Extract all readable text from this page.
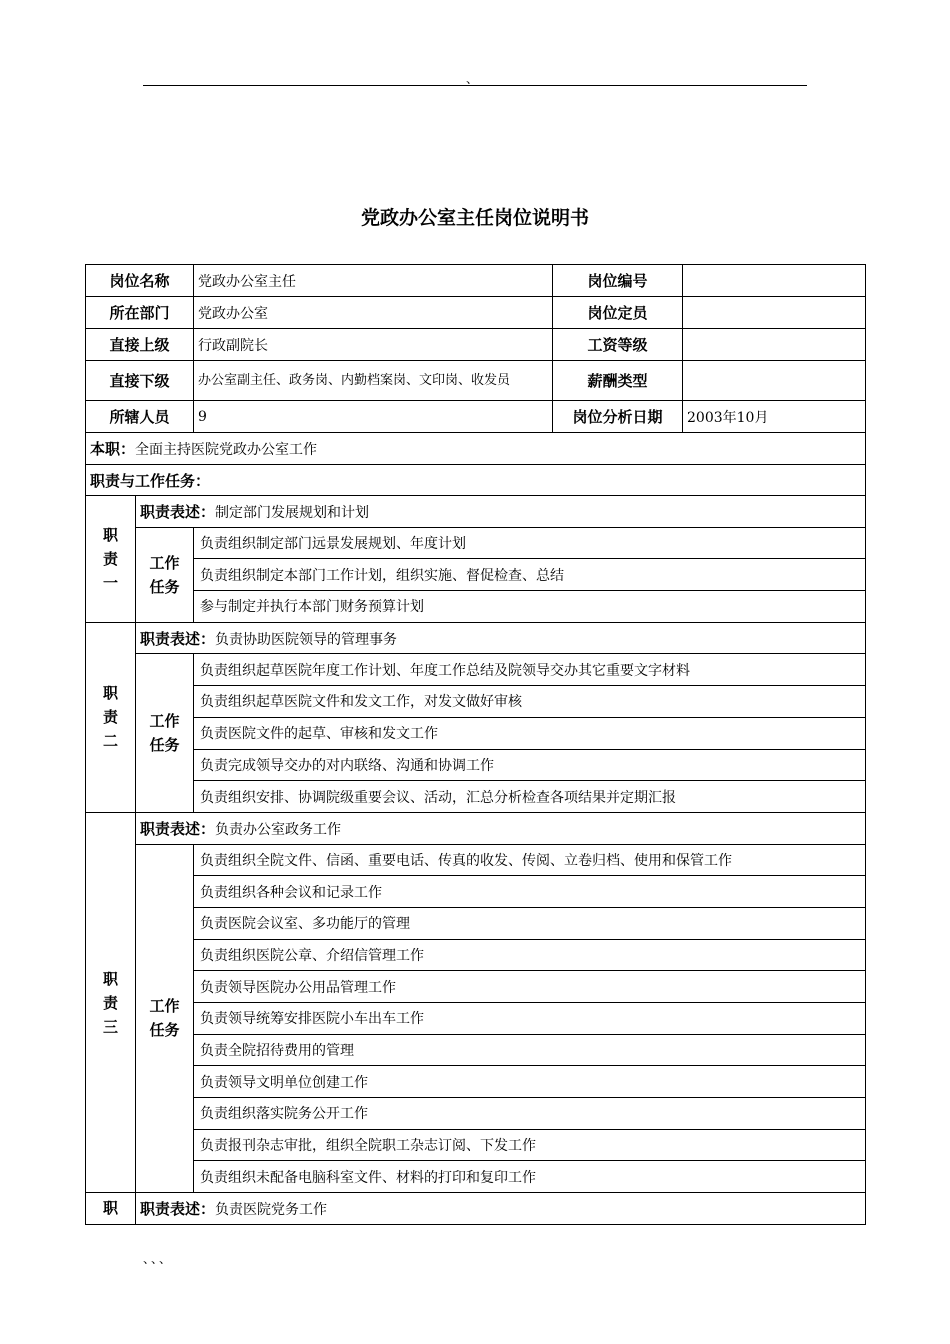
、
党政办公室主任岗位说明书
岗位名称		党政办公室主任	岗位编号	
所在部门		党政办公室	岗位定员	
直接上级		行政副院长	工资等级	
直接下级		办公室副主任、政务岗、内勤档案岗、文印岗、收发员	薪酬类型	
所辖人员		9	岗位分析日期	2003年10月
本职：全面主持医院党政办公室工作				
职责与工作任务：				

职
责
一	职责表述：制定部门发展规划和计划			

	工作
任务	负责组织制定部门远景发展规划、年度计划		
		负责组织制定本部门工作计划，组织实施、督促检查、总结		
		参与制定并执行本部门财务预算计划		

职
责
二	职责表述：负责协助医院领导的管理事务			

	工作
任务	负责组织起草医院年度工作计划、年度工作总结及院领导交办其它重要文字材料		
		负责组织起草医院文件和发文工作，对发文做好审核		
		负责医院文件的起草、审核和发文工作		
		负责完成领导交办的对内联络、沟通和协调工作		
		负责组织安排、协调院级重要会议、活动，汇总分析检查各项结果并定期汇报		

职
责
三	职责表述：负责办公室政务工作			

	工作
任务	负责组织全院文件、信函、重要电话、传真的收发、传阅、立卷归档、使用和保管工作		
		负责组织各种会议和记录工作		
		负责医院会议室、多功能厅的管理		
		负责组织医院公章、介绍信管理工作		
		负责领导医院办公用品管理工作		
		负责领导统筹安排医院小车出车工作		
		负责全院招待费用的管理		
		负责领导文明单位创建工作		
		负责组织落实院务公开工作		
		负责报刊杂志审批，组织全院职工杂志订阅、下发工作		
		负责组织未配备电脑科室文件、材料的打印和复印工作		

职	职责表述：负责医院党务工作			
、、、
